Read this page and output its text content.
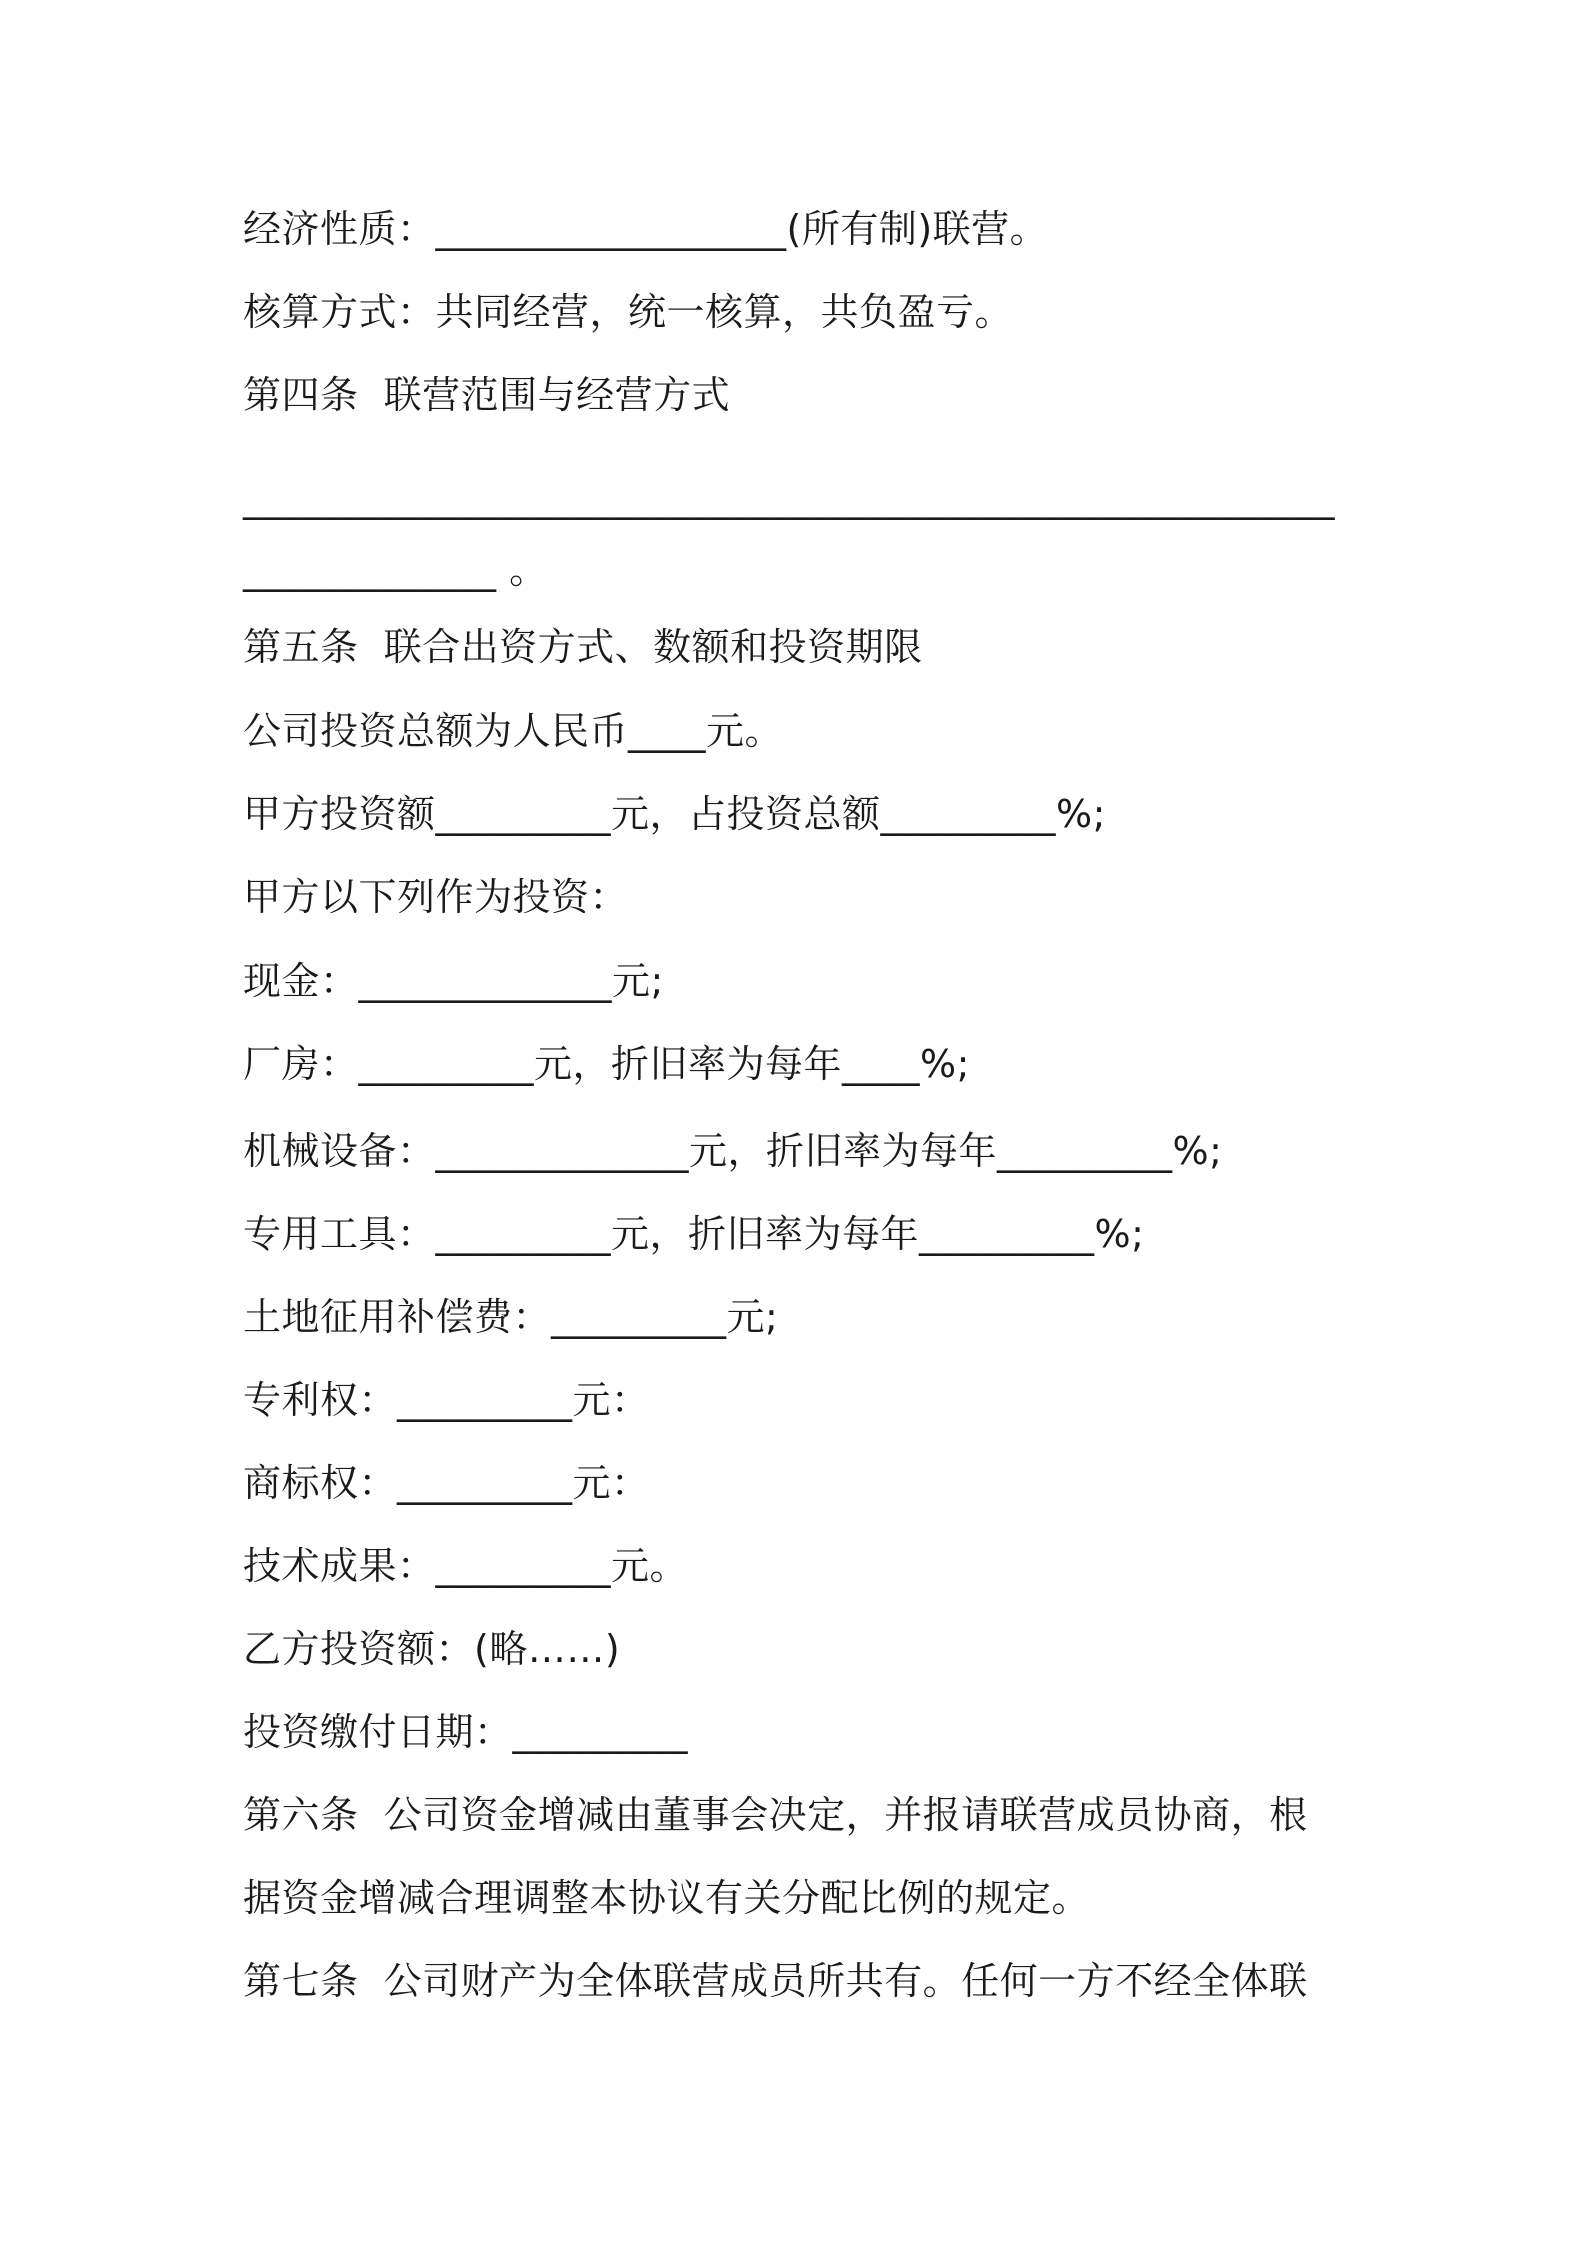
经济性质：__________________(所有制)联营。
核算方式：共同经营，统一核算，共负盈亏。
第四条  联营范围与经营方式
________________________________________________________
_____________ 。
第五条  联合出资方式、数额和投资期限
公司投资总额为人民币____元。
甲方投资额_________元，占投资总额_________%;
甲方以下列作为投资：
现金：_____________元;
厂房：_________元，折旧率为每年____%;
机械设备：_____________元，折旧率为每年_________%;
专用工具：_________元，折旧率为每年_________%;
土地征用补偿费：_________元;
专利权：_________元：
商标权：_________元：
技术成果：_________元。
乙方投资额：(略……)
投资缴付日期：_________
第六条  公司资金增减由董事会决定，并报请联营成员协商，根
据资金增减合理调整本协议有关分配比例的规定。
第七条  公司财产为全体联营成员所共有。任何一方不经全体联
